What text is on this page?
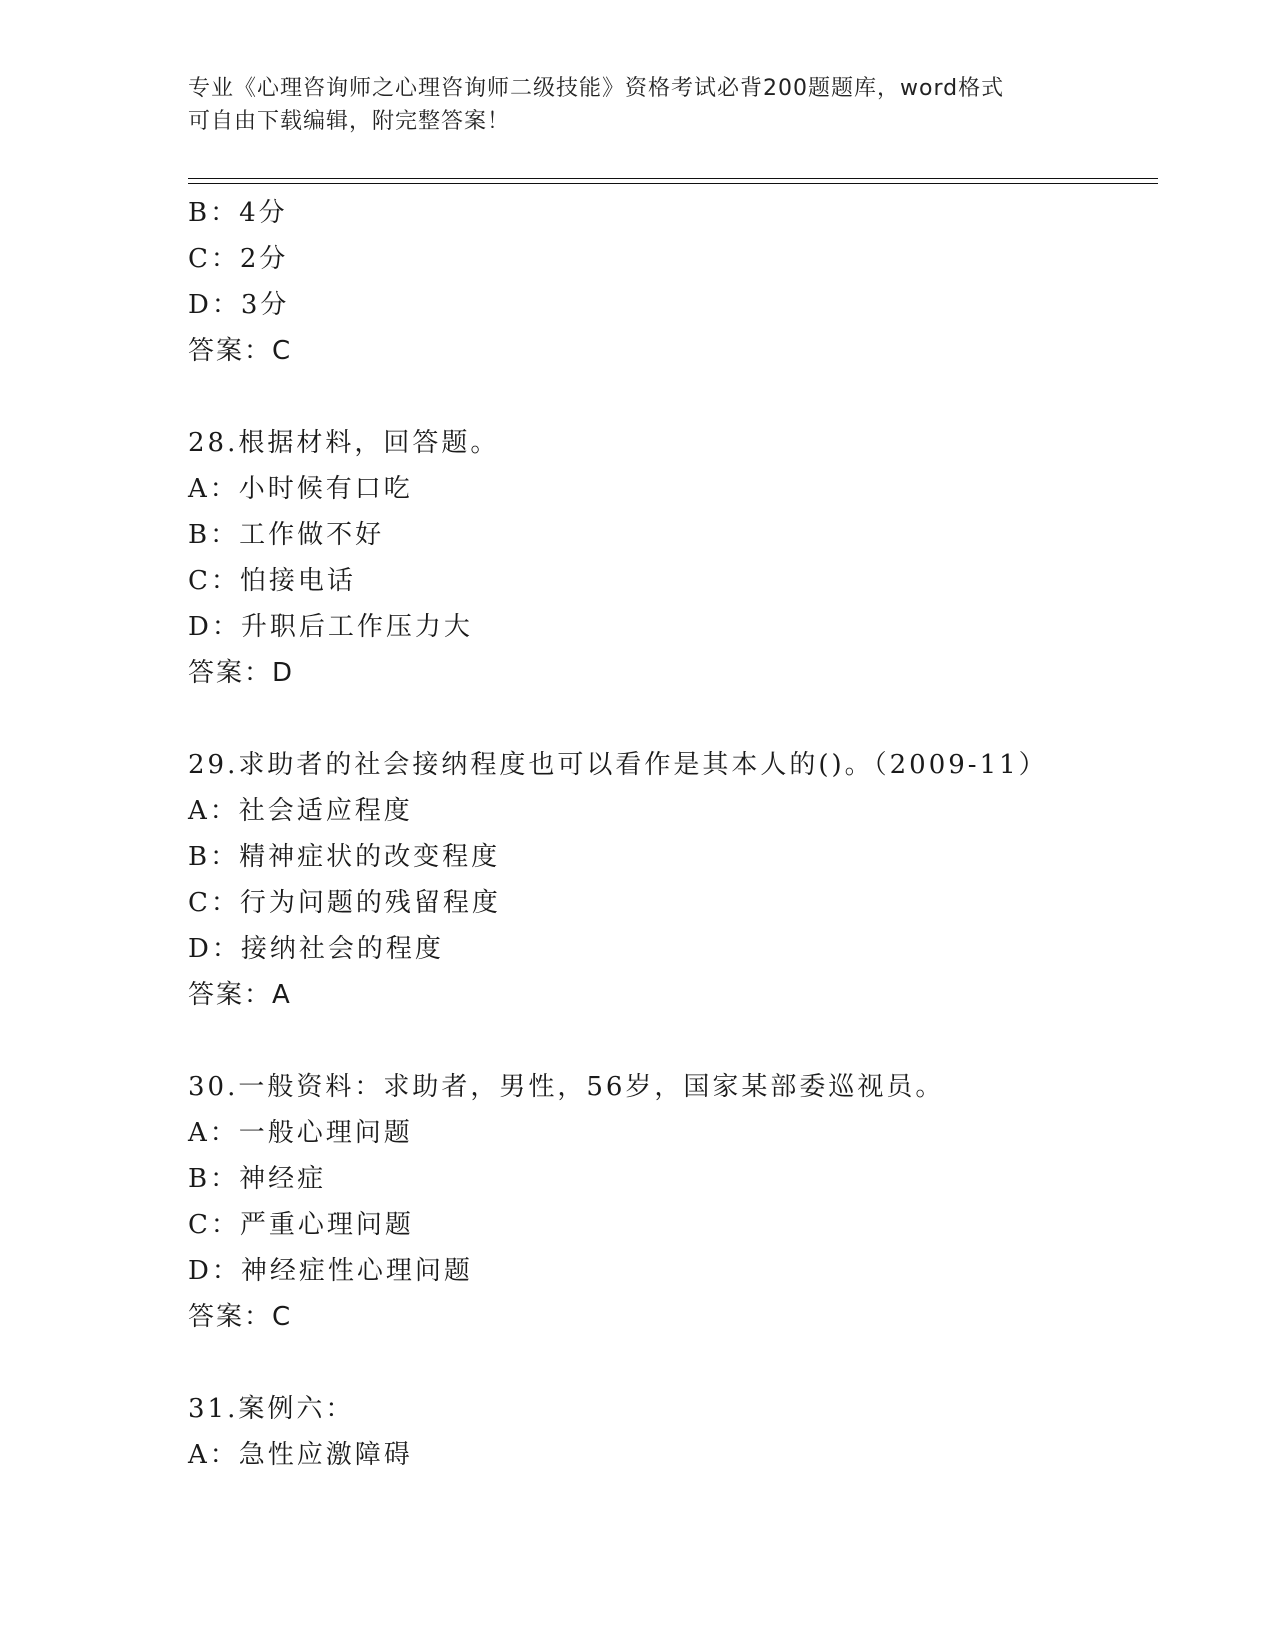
专业《心理咨询师之心理咨询师二级技能》资格考试必背200题题库，word格式
可自由下载编辑，附完整答案！
B：4分
C：2分
D：3分
答案：C
28.根据材料，回答题。
A：小时候有口吃
B：工作做不好
C：怕接电话
D：升职后工作压力大
答案：D
29.求助者的社会接纳程度也可以看作是其本人的()。（2009-11）
A：社会适应程度
B：精神症状的改变程度
C：行为问题的残留程度
D：接纳社会的程度
答案：A
30.一般资料：求助者，男性，56岁，国家某部委巡视员。
A：一般心理问题
B：神经症
C：严重心理问题
D：神经症性心理问题
答案：C
31.案例六：
A：急性应激障碍
